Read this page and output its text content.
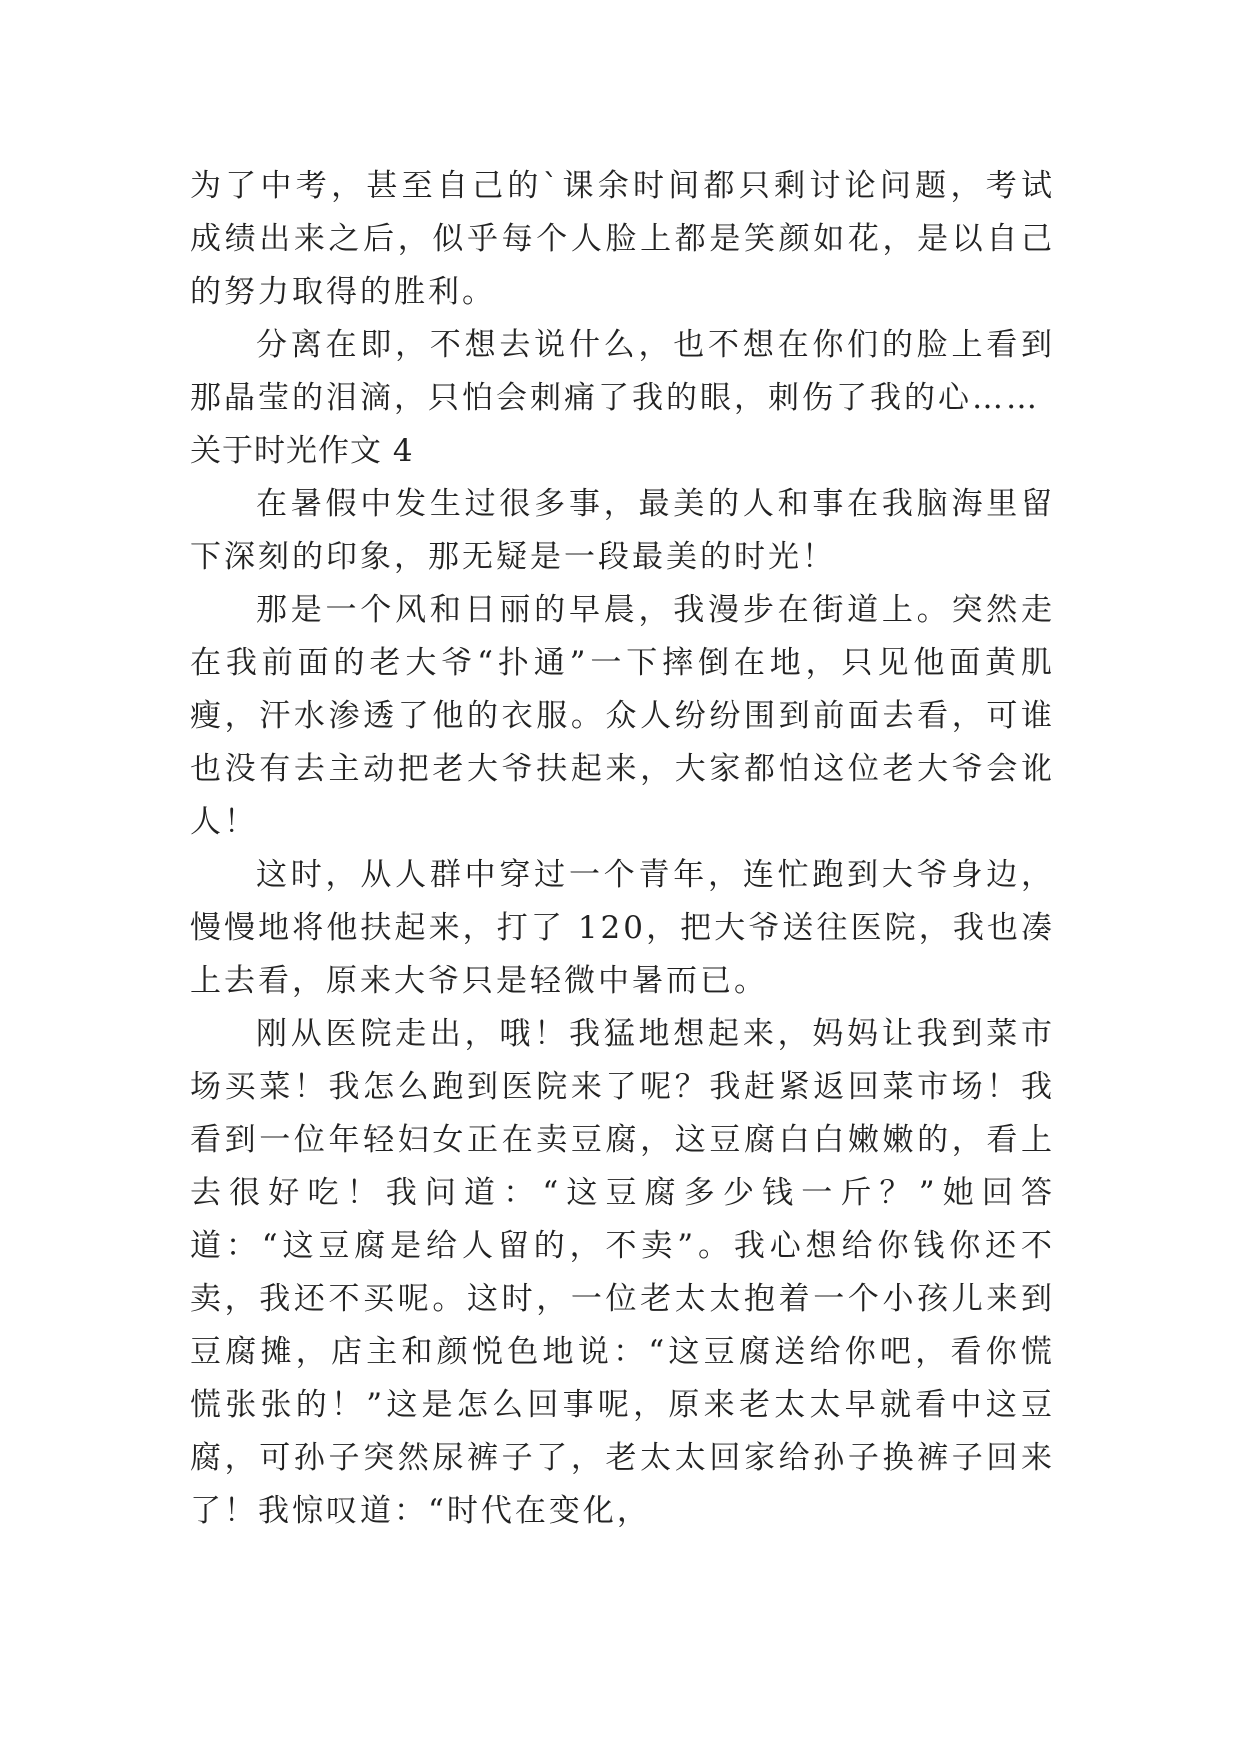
为了中考，甚至自己的`课余时间都只剩讨论问题，考试成绩出来之后，似乎每个人脸上都是笑颜如花，是以自己的努力取得的胜利。

分离在即，不想去说什么，也不想在你们的脸上看到那晶莹的泪滴，只怕会刺痛了我的眼，刺伤了我的心……

关于时光作文 4

在暑假中发生过很多事，最美的人和事在我脑海里留下深刻的印象，那无疑是一段最美的时光！

那是一个风和日丽的早晨，我漫步在街道上。突然走在我前面的老大爷“扑通”一下摔倒在地，只见他面黄肌瘦，汗水渗透了他的衣服。众人纷纷围到前面去看，可谁也没有去主动把老大爷扶起来，大家都怕这位老大爷会讹人！

这时，从人群中穿过一个青年，连忙跑到大爷身边，慢慢地将他扶起来，打了 120，把大爷送往医院，我也凑上去看，原来大爷只是轻微中暑而已。

刚从医院走出，哦！我猛地想起来，妈妈让我到菜市场买菜！我怎么跑到医院来了呢？我赶紧返回菜市场！我看到一位年轻妇女正在卖豆腐，这豆腐白白嫩嫩的，看上去很好吃！我问道：“这豆腐多少钱一斤？”她回答道：“这豆腐是给人留的，不卖”。我心想给你钱你还不卖，我还不买呢。这时，一位老太太抱着一个小孩儿来到豆腐摊，店主和颜悦色地说：“这豆腐送给你吧，看你慌慌张张的！”这是怎么回事呢，原来老太太早就看中这豆腐，可孙子突然尿裤子了，老太太回家给孙子换裤子回来了！我惊叹道：“时代在变化，
